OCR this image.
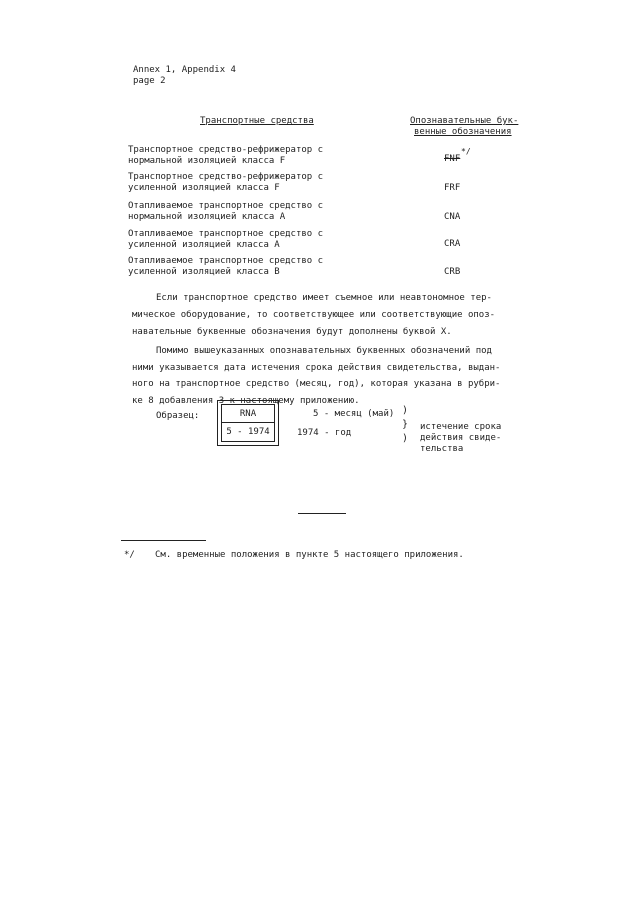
Annex 1, Appendix 4
page 2
Транспортные средства	Опознавательные бук-
венные обозначения
Транспортное средство-рефрижератор с
нормальной изоляцией класса F	FNF
*/
Транспортное средство-рефрижератор с
усиленной изоляцией класса F	FRF
Отапливаемое транспортное средство с
нормальной изоляцией класса А	CNA
Отапливаемое транспортное средство с
усиленной изоляцией класса А	CRA
Отапливаемое транспортное средство с
усиленной изоляцией класса В	CRB
Если транспортное средство имеет съемное или неавтономное тер-
мическое оборудование, то соответствующее или соответствующие опоз-
навательные буквенные обозначения будут дополнены буквой Х.
Помимо вышеуказанных опознавательных буквенных обозначений под
ними указывается дата истечения срока действия свидетельства, выдан-
ного на транспортное средство (месяц, год), которая указана в рубри-
ке 8 добавления 3 к настоящему приложению.
Образец:	RNA
5 - 1974
5 - месяц (май)
1974 - год
)
}
)
истечение срока
действия свиде-
тельства
*/ См. временные положения в пункте 5 настоящего приложения.
